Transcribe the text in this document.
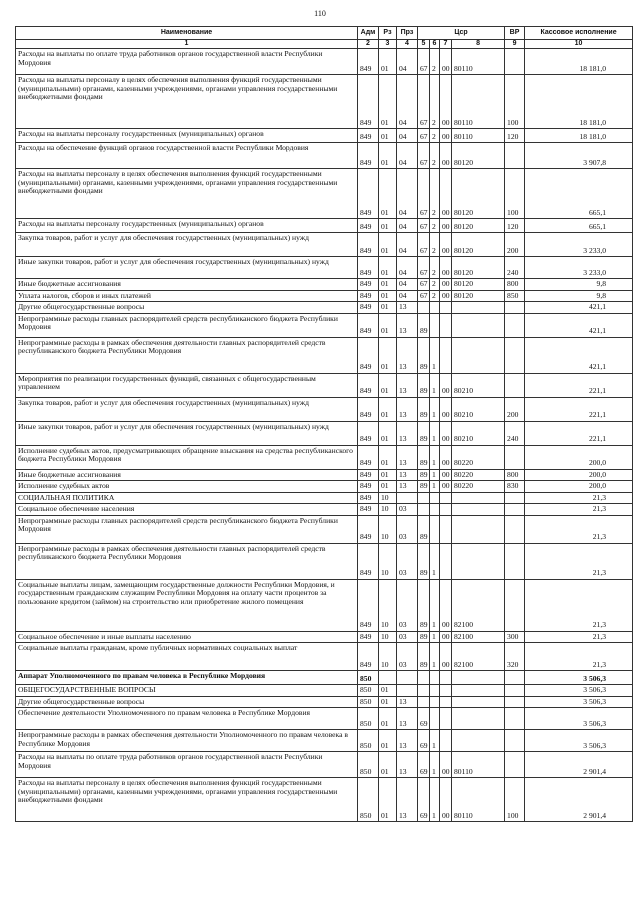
110
Наименование	Адм	Рз	Прз	Цср				ВР	Кассовое исполнение
1	2	3	4	5	6	7	8	9	10
Расходы на выплаты по оплате труда работников органов государственной власти Республики Мордовия	849	01	04	67	2	00	80110		18 181,0
Расходы на выплаты персоналу в целях обеспечения выполнения функций государственными (муниципальными) органами, казенными учреждениями, органами управления государственными внебюджетными фондами	849	01	04	67	2	00	80110	100	18 181,0
Расходы на выплаты персоналу государственных (муниципальных) органов	849	01	04	67	2	00	80110	120	18 181,0
Расходы на обеспечение функций органов государственной власти Республики Мордовия	849	01	04	67	2	00	80120		3 907,8
Расходы на выплаты персоналу в целях обеспечения выполнения функций государственными (муниципальными) органами, казенными учреждениями, органами управления государственными внебюджетными фондами	849	01	04	67	2	00	80120	100	665,1
Расходы на выплаты персоналу государственных (муниципальных) органов	849	01	04	67	2	00	80120	120	665,1
Закупка товаров, работ и услуг для обеспечения государственных (муниципальных) нужд	849	01	04	67	2	00	80120	200	3 233,0
Иные закупки товаров, работ и услуг для обеспечения государственных (муниципальных) нужд	849	01	04	67	2	00	80120	240	3 233,0
Иные бюджетные ассигнования	849	01	04	67	2	00	80120	800	9,8
Уплата налогов, сборов и иных платежей	849	01	04	67	2	00	80120	850	9,8
Другие общегосударственные вопросы	849	01	13						421,1
Непрограммные расходы главных распорядителей средств республиканского бюджета Республики Мордовия	849	01	13	89					421,1
Непрограммные расходы в рамках обеспечения деятельности главных распорядителей средств республиканского бюджета Республики Мордовия	849	01	13	89	1				421,1
Мероприятия по реализации государственных функций, связанных с общегосударственным управлением	849	01	13	89	1	00	80210		221,1
Закупка товаров, работ и услуг для обеспечения государственных (муниципальных) нужд	849	01	13	89	1	00	80210	200	221,1
Иные закупки товаров, работ и услуг для обеспечения государственных (муниципальных) нужд	849	01	13	89	1	00	80210	240	221,1
Исполнение судебных актов, предусматривающих обращение взыскания на средства республиканского бюджета Республики Мордовия	849	01	13	89	1	00	80220		200,0
Иные бюджетные ассигнования	849	01	13	89	1	00	80220	800	200,0
Исполнение судебных актов	849	01	13	89	1	00	80220	830	200,0
СОЦИАЛЬНАЯ ПОЛИТИКА	849	10							21,3
Социальное обеспечение населения	849	10	03						21,3
Непрограммные расходы главных распорядителей средств республиканского бюджета Республики Мордовия	849	10	03	89					21,3
Непрограммные расходы в рамках обеспечения деятельности главных распорядителей средств республиканского бюджета Республики Мордовия	849	10	03	89	1				21,3
Социальные выплаты лицам, замещающим государственные должности Республики Мордовия, и государственным гражданским служащим Республики Мордовия на оплату части процентов за пользование кредитом (займом) на строительство или приобретение жилого помещения	849	10	03	89	1	00	82100		21,3
Социальное обеспечение и иные выплаты населению	849	10	03	89	1	00	82100	300	21,3
Социальные выплаты гражданам, кроме публичных нормативных социальных выплат	849	10	03	89	1	00	82100	320	21,3
Аппарат Уполномоченного по правам человека в Республике Мордовия	850								3 506,3
ОБЩЕГОСУДАРСТВЕННЫЕ ВОПРОСЫ	850	01							3 506,3
Другие общегосударственные вопросы	850	01	13						3 506,3
Обеспечение деятельности Уполномоченного по правам человека в Республике Мордовия	850	01	13	69					3 506,3
Непрограммные расходы в рамках обеспечения деятельности Уполномоченного по правам человека в Республике Мордовия	850	01	13	69	1				3 506,3
Расходы на выплаты по оплате труда работников органов государственной власти Республики Мордовия	850	01	13	69	1	00	80110		2 901,4
Расходы на выплаты персоналу в целях обеспечения выполнения функций государственными (муниципальными) органами, казенными учреждениями, органами управления государственными внебюджетными фондами	850	01	13	69	1	00	80110	100	2 901,4
